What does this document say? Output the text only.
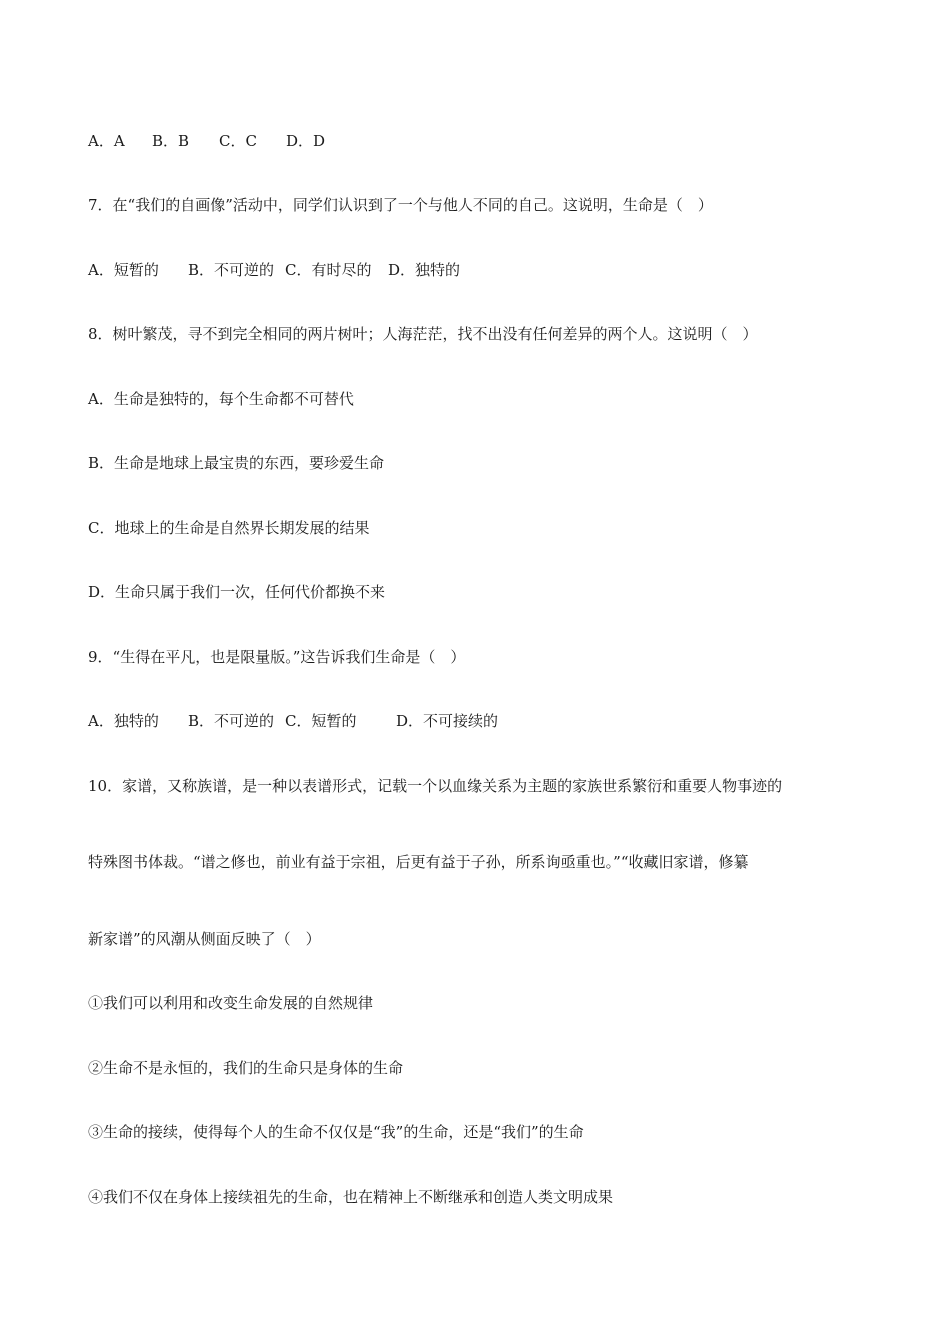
A．A B．B C．C D．D
7．在“我们的自画像”活动中，同学们认识到了一个与他人不同的自己。这说明，生命是（　）
A．短暂的 B．不可逆的 C．有时尽的 D．独特的
8．树叶繁茂，寻不到完全相同的两片树叶；人海茫茫，找不出没有任何差异的两个人。这说明（　）
A．生命是独特的，每个生命都不可替代
B．生命是地球上最宝贵的东西，要珍爱生命
C．地球上的生命是自然界长期发展的结果
D．生命只属于我们一次，任何代价都换不来
9．“生得在平凡，也是限量版。”这告诉我们生命是（　）
A．独特的 B．不可逆的 C．短暂的	D．不可接续的
10．家谱，又称族谱，是一种以表谱形式，记载一个以血缘关系为主题的家族世系繁衍和重要人物事迹的
特殊图书体裁。“谱之修也，前业有益于宗祖，后更有益于子孙，所系询亟重也。”“收藏旧家谱，修纂
新家谱”的风潮从侧面反映了（　）
①我们可以利用和改变生命发展的自然规律
②生命不是永恒的，我们的生命只是身体的生命
③生命的接续，使得每个人的生命不仅仅是“我”的生命，还是“我们”的生命
④我们不仅在身体上接续祖先的生命，也在精神上不断继承和创造人类文明成果
